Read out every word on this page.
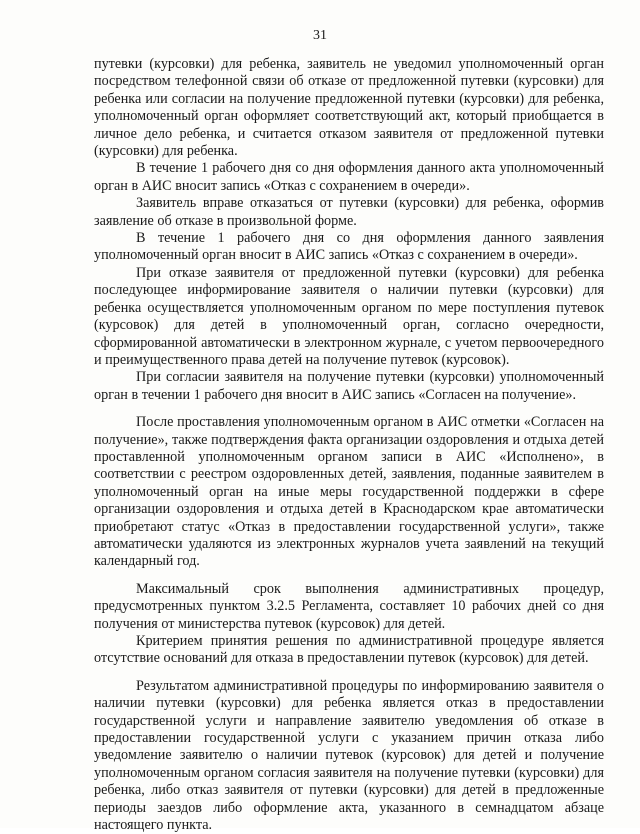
31

путевки (курсовки) для ребенка, заявитель не уведомил уполномоченный орган посредством телефонной связи об отказе от предложенной путевки (курсовки) для ребенка или согласии на получение предложенной путевки (курсовки) для ребенка, уполномоченный орган оформляет соответствующий акт, который приобщается в личное дело ребенка, и считается отказом заявителя от предложенной путевки (курсовки) для ребенка.

В течение 1 рабочего дня со дня оформления данного акта уполномоченный орган в АИС вносит запись «Отказ с сохранением в очереди».

Заявитель вправе отказаться от путевки (курсовки) для ребенка, оформив заявление об отказе в произвольной форме.

В течение 1 рабочего дня со дня оформления данного заявления уполномоченный орган вносит в АИС запись «Отказ с сохранением в очереди».

При отказе заявителя от предложенной путевки (курсовки) для ребенка последующее информирование заявителя о наличии путевки (курсовки) для ребенка осуществляется уполномоченным органом по мере поступления путевок (курсовок) для детей в уполномоченный орган, согласно очередности, сформированной автоматически в электронном журнале, с учетом первоочередного и преимущественного права детей на получение путевок (курсовок).

При согласии заявителя на получение путевки (курсовки) уполномоченный орган в течении 1 рабочего дня вносит в АИС запись «Согласен на получение».

После проставления уполномоченным органом в АИС отметки «Согласен на получение», также подтверждения факта организации оздоровления и отдыха детей проставленной уполномоченным органом записи в АИС «Исполнено», в соответствии с реестром оздоровленных детей, заявления, поданные заявителем в уполномоченный орган на иные меры государственной поддержки в сфере организации оздоровления и отдыха детей в Краснодарском крае автоматически приобретают статус «Отказ в предоставлении государственной услуги», также автоматически удаляются из электронных журналов учета заявлений на текущий календарный год.

Максимальный срок выполнения административных процедур, предусмотренных пунктом 3.2.5 Регламента, составляет 10 рабочих дней со дня получения от министерства путевок (курсовок) для детей.

Критерием принятия решения по административной процедуре является отсутствие оснований для отказа в предоставлении путевок (курсовок) для детей.

Результатом административной процедуры по информированию заявителя о наличии путевки (курсовки) для ребенка является отказ в предоставлении государственной услуги и направление заявителю уведомления об отказе в предоставлении государственной услуги с указанием причин отказа либо уведомление заявителю о наличии путевок (курсовок) для детей и получение уполномоченным органом согласия заявителя на получение путевки (курсовки) для ребенка, либо отказ заявителя от путевки (курсовки) для детей в предложенные периоды заездов либо оформление акта, указанного в семнадцатом абзаце настоящего пункта.
